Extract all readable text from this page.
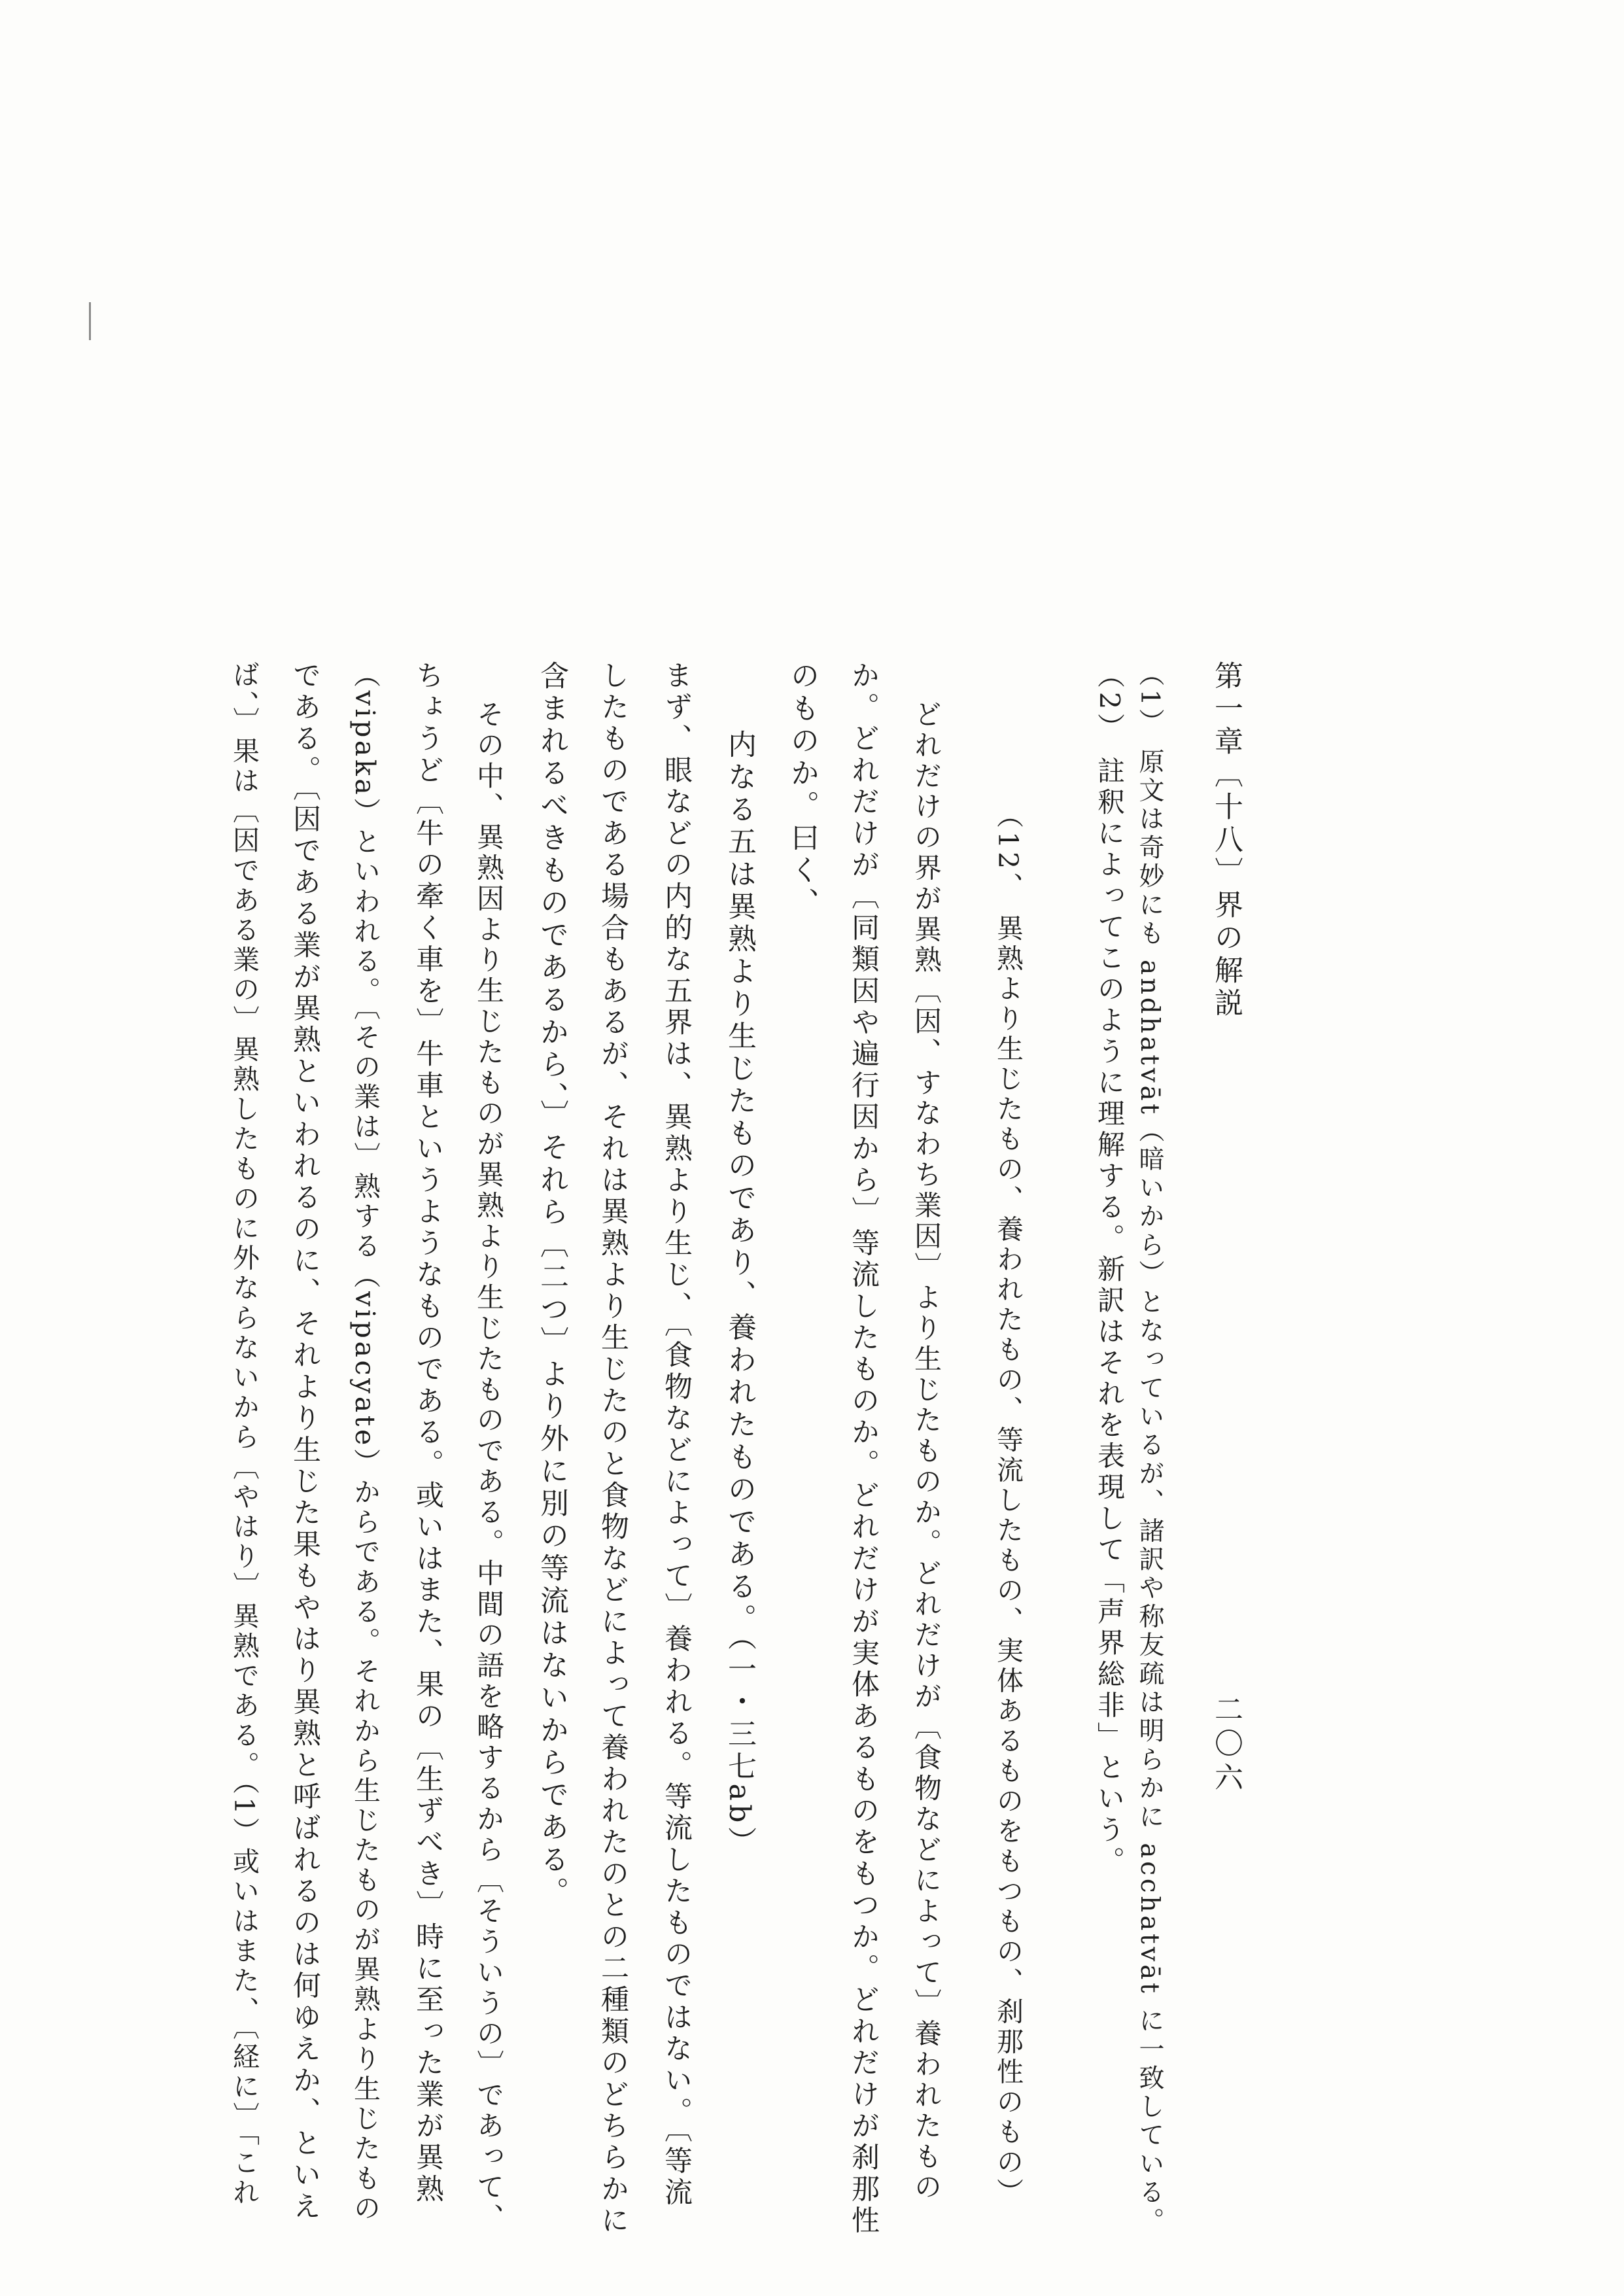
第一章〔十八〕界の解説
二〇六
（1） 原文は奇妙にも andhatvāt（暗いから）となっているが、諸訳や称友疏は明らかに acchatvāt に一致している。
（2） 註釈によってこのように理解する。新訳はそれを表現して「声界総非」という。
（12、 異熟より生じたもの、養われたもの、等流したもの、実体あるものをもつもの、刹那性のもの）
どれだけの界が異熟〔因、すなわち業因〕より生じたものか。どれだけが〔食物などによって〕養われたもの
か。どれだけが〔同類因や遍行因から〕等流したものか。どれだけが実体あるものをもつか。どれだけが刹那性
のものか。曰く、
内なる五は異熟より生じたものであり、養われたものである。（一・三七ab）
まず、眼などの内的な五界は、異熟より生じ、〔食物などによって〕養われる。等流したものではない。〔等流
したものである場合もあるが、それは異熟より生じたのと食物などによって養われたのとの二種類のどちらかに
含まれるべきものであるから、〕それら〔二つ〕より外に別の等流はないからである。
その中、異熟因より生じたものが異熟より生じたものである。中間の語を略するから〔そういうの〕であって、
ちょうど〔牛の牽く車を〕牛車というようなものである。或いはまた、果の〔生ずべき〕時に至った業が異熟
（vipaka）といわれる。〔その業は〕熟する（vipacyate）からである。それから生じたものが異熟より生じたもの
である。〔因である業が異熟といわれるのに、それより生じた果もやはり異熟と呼ばれるのは何ゆえか、といえ
ば、〕果は〔因である業の〕異熟したものに外ならないから〔やはり〕異熟である。（1）或いはまた、〔経に〕「これ
